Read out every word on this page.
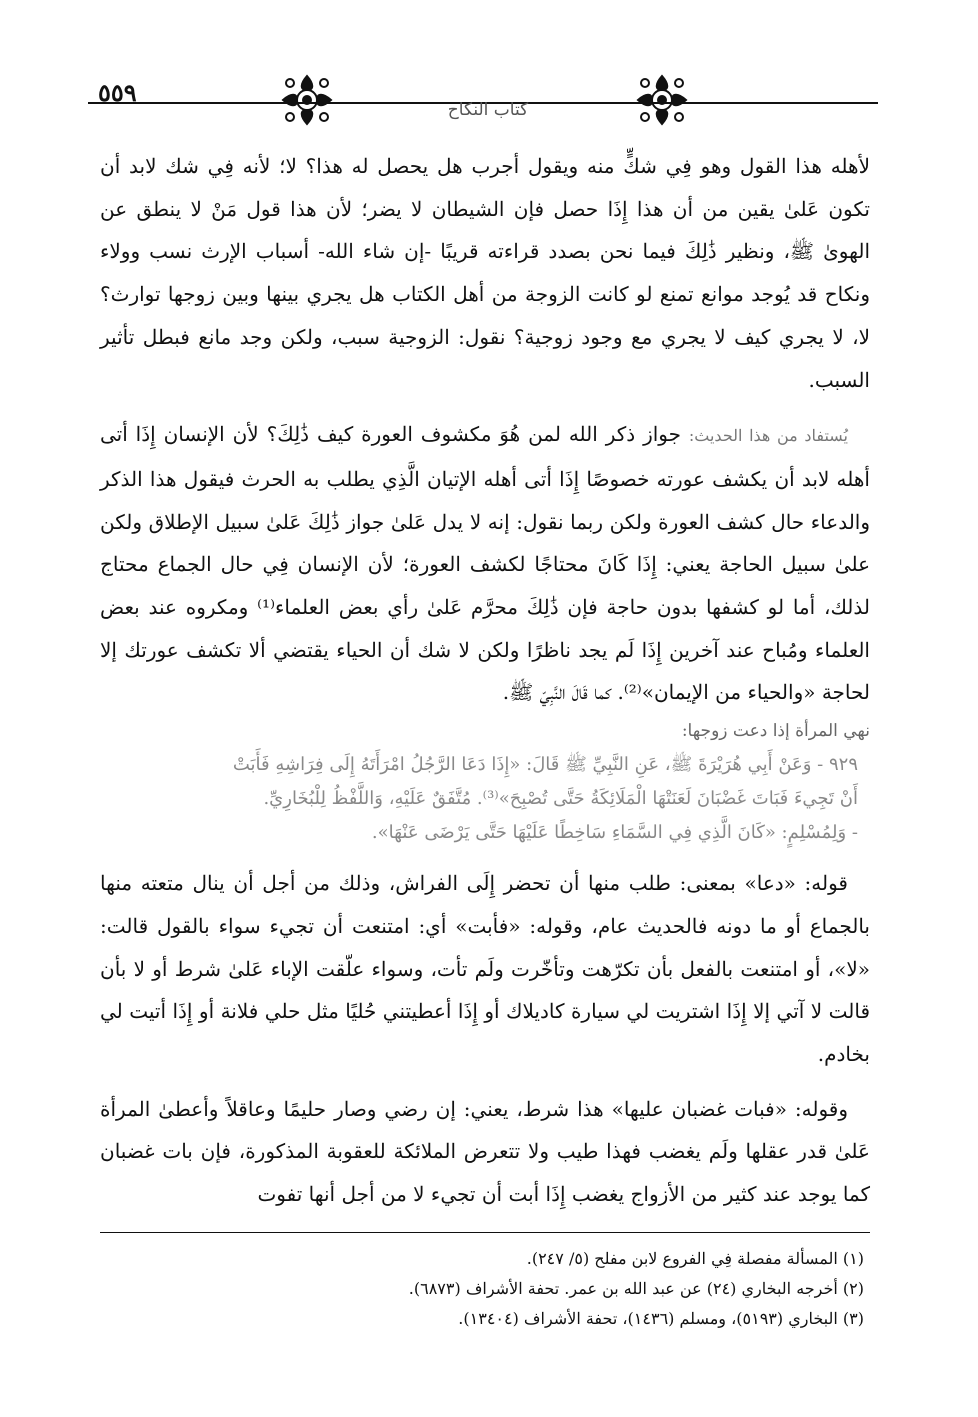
٥٥٩
كتاب النكاح

لأهله هذا القول وهو فِي شكٍّ منه ويقول أجرب هل يحصل له هذا؟ لا؛ لأنه فِي شك لابد أن تكون عَلىٰ يقين من أن هذا إِذَا حصل فإن الشيطان لا يضر؛ لأن هذا قول مَنْ لا ينطق عن الهوىٰ ﷺ، ونظير ذَٰلِكَ فيما نحن بصدد قراءته قريبًا -إن شاء الله- أسباب الإرث نسب وولاء ونكاح قد يُوجد موانع تمنع لو كانت الزوجة من أهل الكتاب هل يجري بينها وبين زوجها توارث؟ لا، لا يجري كيف لا يجري مع وجود زوجية؟ نقول: الزوجية سبب، ولكن وجد مانع فبطل تأثير السبب.

يُستفاد من هذا الحديث: جواز ذكر الله لمن هُوَ مكشوف العورة كيف ذَٰلِكَ؟ لأن الإنسان إِذَا أتى أهله لابد أن يكشف عورته خصوصًا إِذَا أتى أهله الإتيان الَّذِي يطلب به الحرث فيقول هذا الذكر والدعاء حال كشف العورة ولكن ربما نقول: إنه لا يدل عَلىٰ جواز ذَٰلِكَ عَلىٰ سبيل الإطلاق ولكن علىٰ سبيل الحاجة يعني: إِذَا كَانَ محتاجًا لكشف العورة؛ لأن الإنسان فِي حال الجماع محتاج لذلك، أما لو كشفها بدون حاجة فإن ذَٰلِكَ محرَّم عَلىٰ رأي بعض العلماء⁽¹⁾ ومكروه عند بعض العلماء ومُباح عند آخرين إِذَا لَم يجد ناظرًا ولكن لا شك أن الحياء يقتضي ألا تكشف عورتك إلا لحاجة «والحياء من الإيمان»⁽²⁾. كما قَالَ النَّبِيّ ﷺ.

نهي المرأة إذا دعت زوجها:
٩٢٩ - وَعَنْ أَبِي هُرَيْرَةَ ﷺ، عَنِ النَّبِيِّ ﷺ قَالَ: «إِذَا دَعَا الرَّجُلُ امْرَأَتَهُ إِلَى فِرَاشِهِ فَأَبَتْ
أَنْ تَجِيءَ فَبَاتَ غَضْبَانَ لَعَنَتْهَا الْمَلَائِكَةُ حَتَّى تُصْبِحَ»⁽³⁾. مُتَّفَقٌ عَلَيْهِ، وَاللَّفْظُ لِلْبُخَارِيِّ.
- وَلِمُسْلِمٍ: «كَانَ الَّذِي فِي السَّمَاءِ سَاخِطًا عَلَيْهَا حَتَّى يَرْضَى عَنْهَا».

قوله: «دعا» بمعنى: طلب منها أن تحضر إِلَى الفراش، وذلك من أجل أن ينال متعته منها بالجماع أو ما دونه فالحديث عام، وقوله: «فأبت» أي: امتنعت أن تجيء سواء بالقول قالت: «لا»، أو امتنعت بالفعل بأن تكرّهت وتأخّرت ولَم تأت، وسواء علّقت الإباء عَلىٰ شرط أو لا بأن قالت لا آتي إلا إِذَا اشتريت لي سيارة كاديلاك أو إِذَا أعطيتني حُليًا مثل حلي فلانة أو إِذَا أتيت لي بخادم.

وقوله: «فبات غضبان عليها» هذا شرط، يعني: إن رضي وصار حليمًا وعاقلاً وأعطىٰ المرأة عَلىٰ قدر عقلها ولَم يغضب فهذا طيب ولا تتعرض الملائكة للعقوبة المذكورة، فإن بات غضبان كما يوجد عند كثير من الأزواج يغضب إِذَا أبت أن تجيء لا من أجل أنها تفوت

(١) المسألة مفصلة فِي الفروع لابن مفلح (٥/ ٢٤٧).
(٢) أخرجه البخاري (٢٤) عن عبد الله بن عمر. تحفة الأشراف (٦٨٧٣).
(٣) البخاري (٥١٩٣)، ومسلم (١٤٣٦)، تحفة الأشراف (١٣٤٠٤).
